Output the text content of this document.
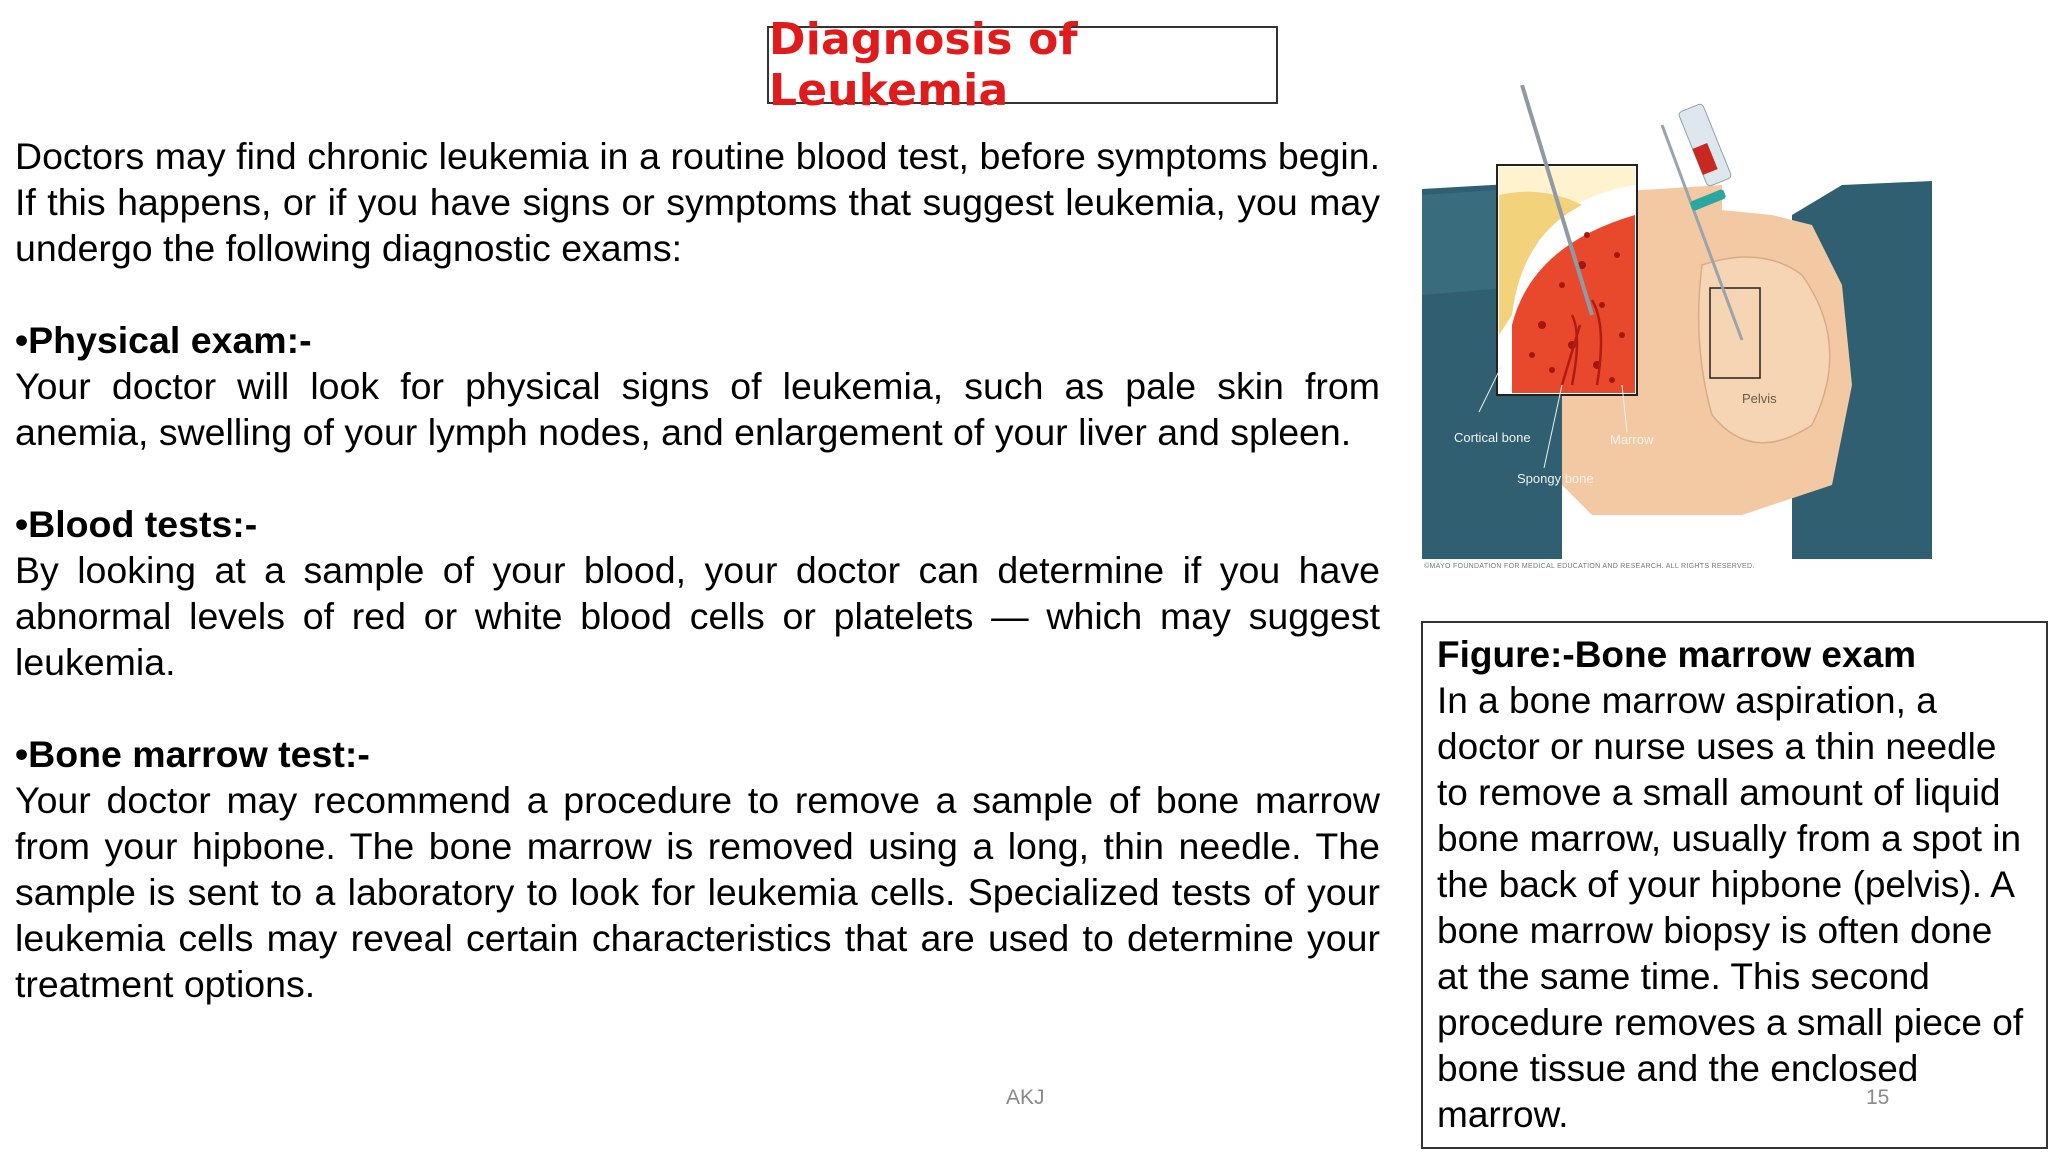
Diagnosis of Leukemia

Doctors may find chronic leukemia in a routine blood test, before symptoms begin. If this happens, or if you have signs or symptoms that suggest leukemia, you may undergo the following diagnostic exams:

•Physical exam:-

Your doctor will look for physical signs of leukemia, such as pale skin from anemia, swelling of your lymph nodes, and enlargement of your liver and spleen.

•Blood tests:-

By looking at a sample of your blood, your doctor can determine if you have abnormal levels of red or white blood cells or platelets — which may suggest leukemia.

•Bone marrow test:-

Your doctor may recommend a procedure to remove a sample of bone marrow from your hipbone. The bone marrow is removed using a long, thin needle. The sample is sent to a laboratory to look for leukemia cells. Specialized tests of your leukemia cells may reveal certain characteristics that are used to determine your treatment options.

Cortical bone	Marrow
Spongy bone
Pelvis
©MAYO FOUNDATION FOR MEDICAL EDUCATION AND RESEARCH. ALL RIGHTS RESERVED.
Figure:-Bone marrow exam
In a bone marrow aspiration, a doctor or nurse uses a thin needle to remove a small amount of liquid bone marrow, usually from a spot in the back of your hipbone (pelvis). A bone marrow biopsy is often done at the same time. This second procedure removes a small piece of bone tissue and the enclosed marrow.
AKJ	15
